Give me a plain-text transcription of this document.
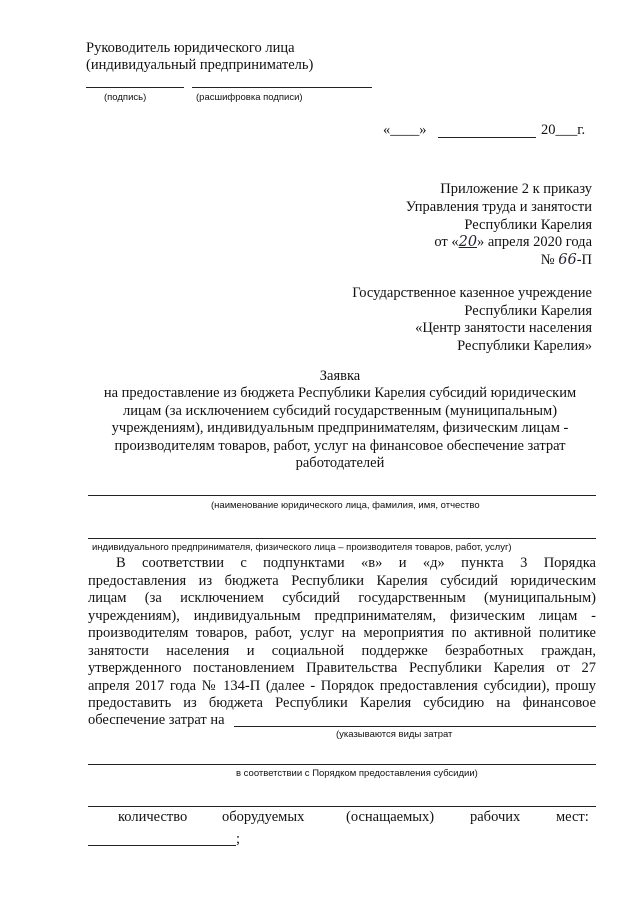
Руководитель юридического лица
(индивидуальный предприниматель)
(подпись)	(расшифровка подписи)
«____»	20___г.
Приложение 2 к приказу
Управления труда и занятости
Республики Карелия
от «20» апреля 2020 года
№ 66-П
Государственное казенное учреждение
Республики Карелия
«Центр занятости населения
Республики Карелия»
Заявка
на предоставление из бюджета Республики Карелия субсидий юридическим
лицам (за исключением субсидий государственным (муниципальным)
учреждениям), индивидуальным предпринимателям, физическим лицам -
производителям товаров, работ, услуг на финансовое обеспечение затрат
работодателей
(наименование юридического лица, фамилия, имя, отчество
индивидуального предпринимателя, физического лица – производителя товаров, работ, услуг)
В соответствии с подпунктами «в» и «д» пункта 3 Порядка
предоставления из бюджета Республики Карелия субсидий юридическим
лицам (за исключением субсидий государственным (муниципальным)
учреждениям), индивидуальным предпринимателям, физическим лицам -
производителям товаров, работ, услуг на мероприятия по активной политике
занятости населения и социальной поддержке безработных граждан,
утвержденного постановлением Правительства Республики Карелия от 27
апреля 2017 года № 134-П (далее - Порядок предоставления субсидии), прошу
предоставить из бюджета Республики Карелия субсидию на финансовое
обеспечение затрат на
(указываются виды затрат
в соответствии с Порядком предоставления субсидии)
количество оборудуемых	(оснащаемых) рабочих мест:
;
